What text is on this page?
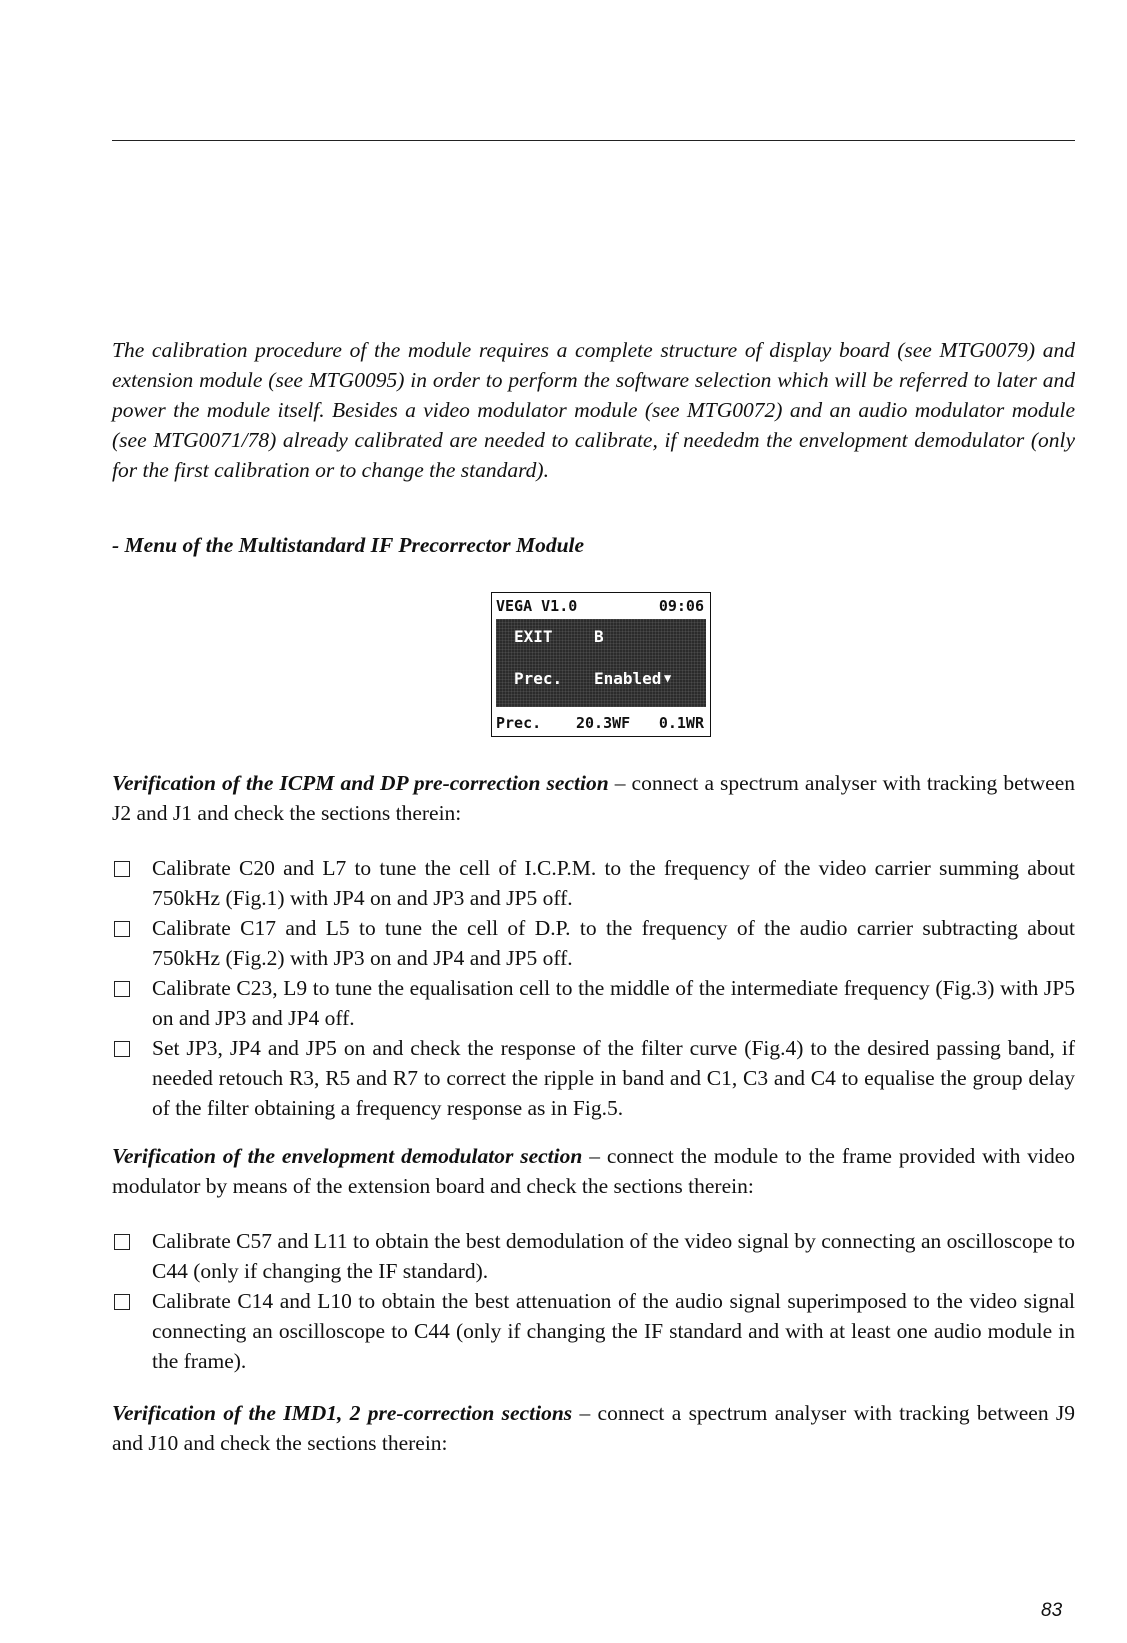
The calibration procedure of the module requires a complete structure of display board (see MTG0079) and extension module (see MTG0095) in order to perform the software selection which will be referred to later and power the module itself. Besides a video modulator module (see MTG0072) and an audio modulator module (see MTG0071/78) already calibrated are needed to calibrate, if neededm the envelopment demodulator (only for the first calibration or to change the standard).
- Menu of the Multistandard IF Precorrector Module
VEGA V1.0	09:06
EXIT	B
Prec. Enabled ▼
Prec. 20.3WF 0.1WR
Verification of the ICPM and DP pre-correction section – connect a spectrum analyser with tracking between J2 and J1 and check the sections therein:
Calibrate C20 and L7 to tune the cell of I.C.P.M. to the frequency of the video carrier summing about 750kHz (Fig.1) with JP4 on and JP3 and JP5 off.
Calibrate C17 and L5 to tune the cell of D.P. to the frequency of the audio carrier subtracting about 750kHz (Fig.2) with JP3 on and JP4 and JP5 off.
Calibrate C23, L9 to tune the equalisation cell to the middle of the intermediate frequency (Fig.3) with JP5 on and JP3 and JP4 off.
Set JP3, JP4 and JP5 on and check the response of the filter curve (Fig.4) to the desired passing band, if needed retouch R3, R5 and R7 to correct the ripple in band and C1, C3 and C4 to equalise the group delay of the filter obtaining a frequency response as in Fig.5.
Verification of the envelopment demodulator section – connect the module to the frame provided with video modulator by means of the extension board and check the sections therein:
Calibrate C57 and L11 to obtain the best demodulation of the video signal by connecting an oscilloscope to C44 (only if changing the IF standard).
Calibrate C14 and L10 to obtain the best attenuation of the audio signal superimposed to the video signal connecting an oscilloscope to C44 (only if changing the IF standard and with at least one audio module in the frame).
Verification of the IMD1, 2 pre-correction sections – connect a spectrum analyser with tracking between J9 and J10 and check the sections therein:
83
